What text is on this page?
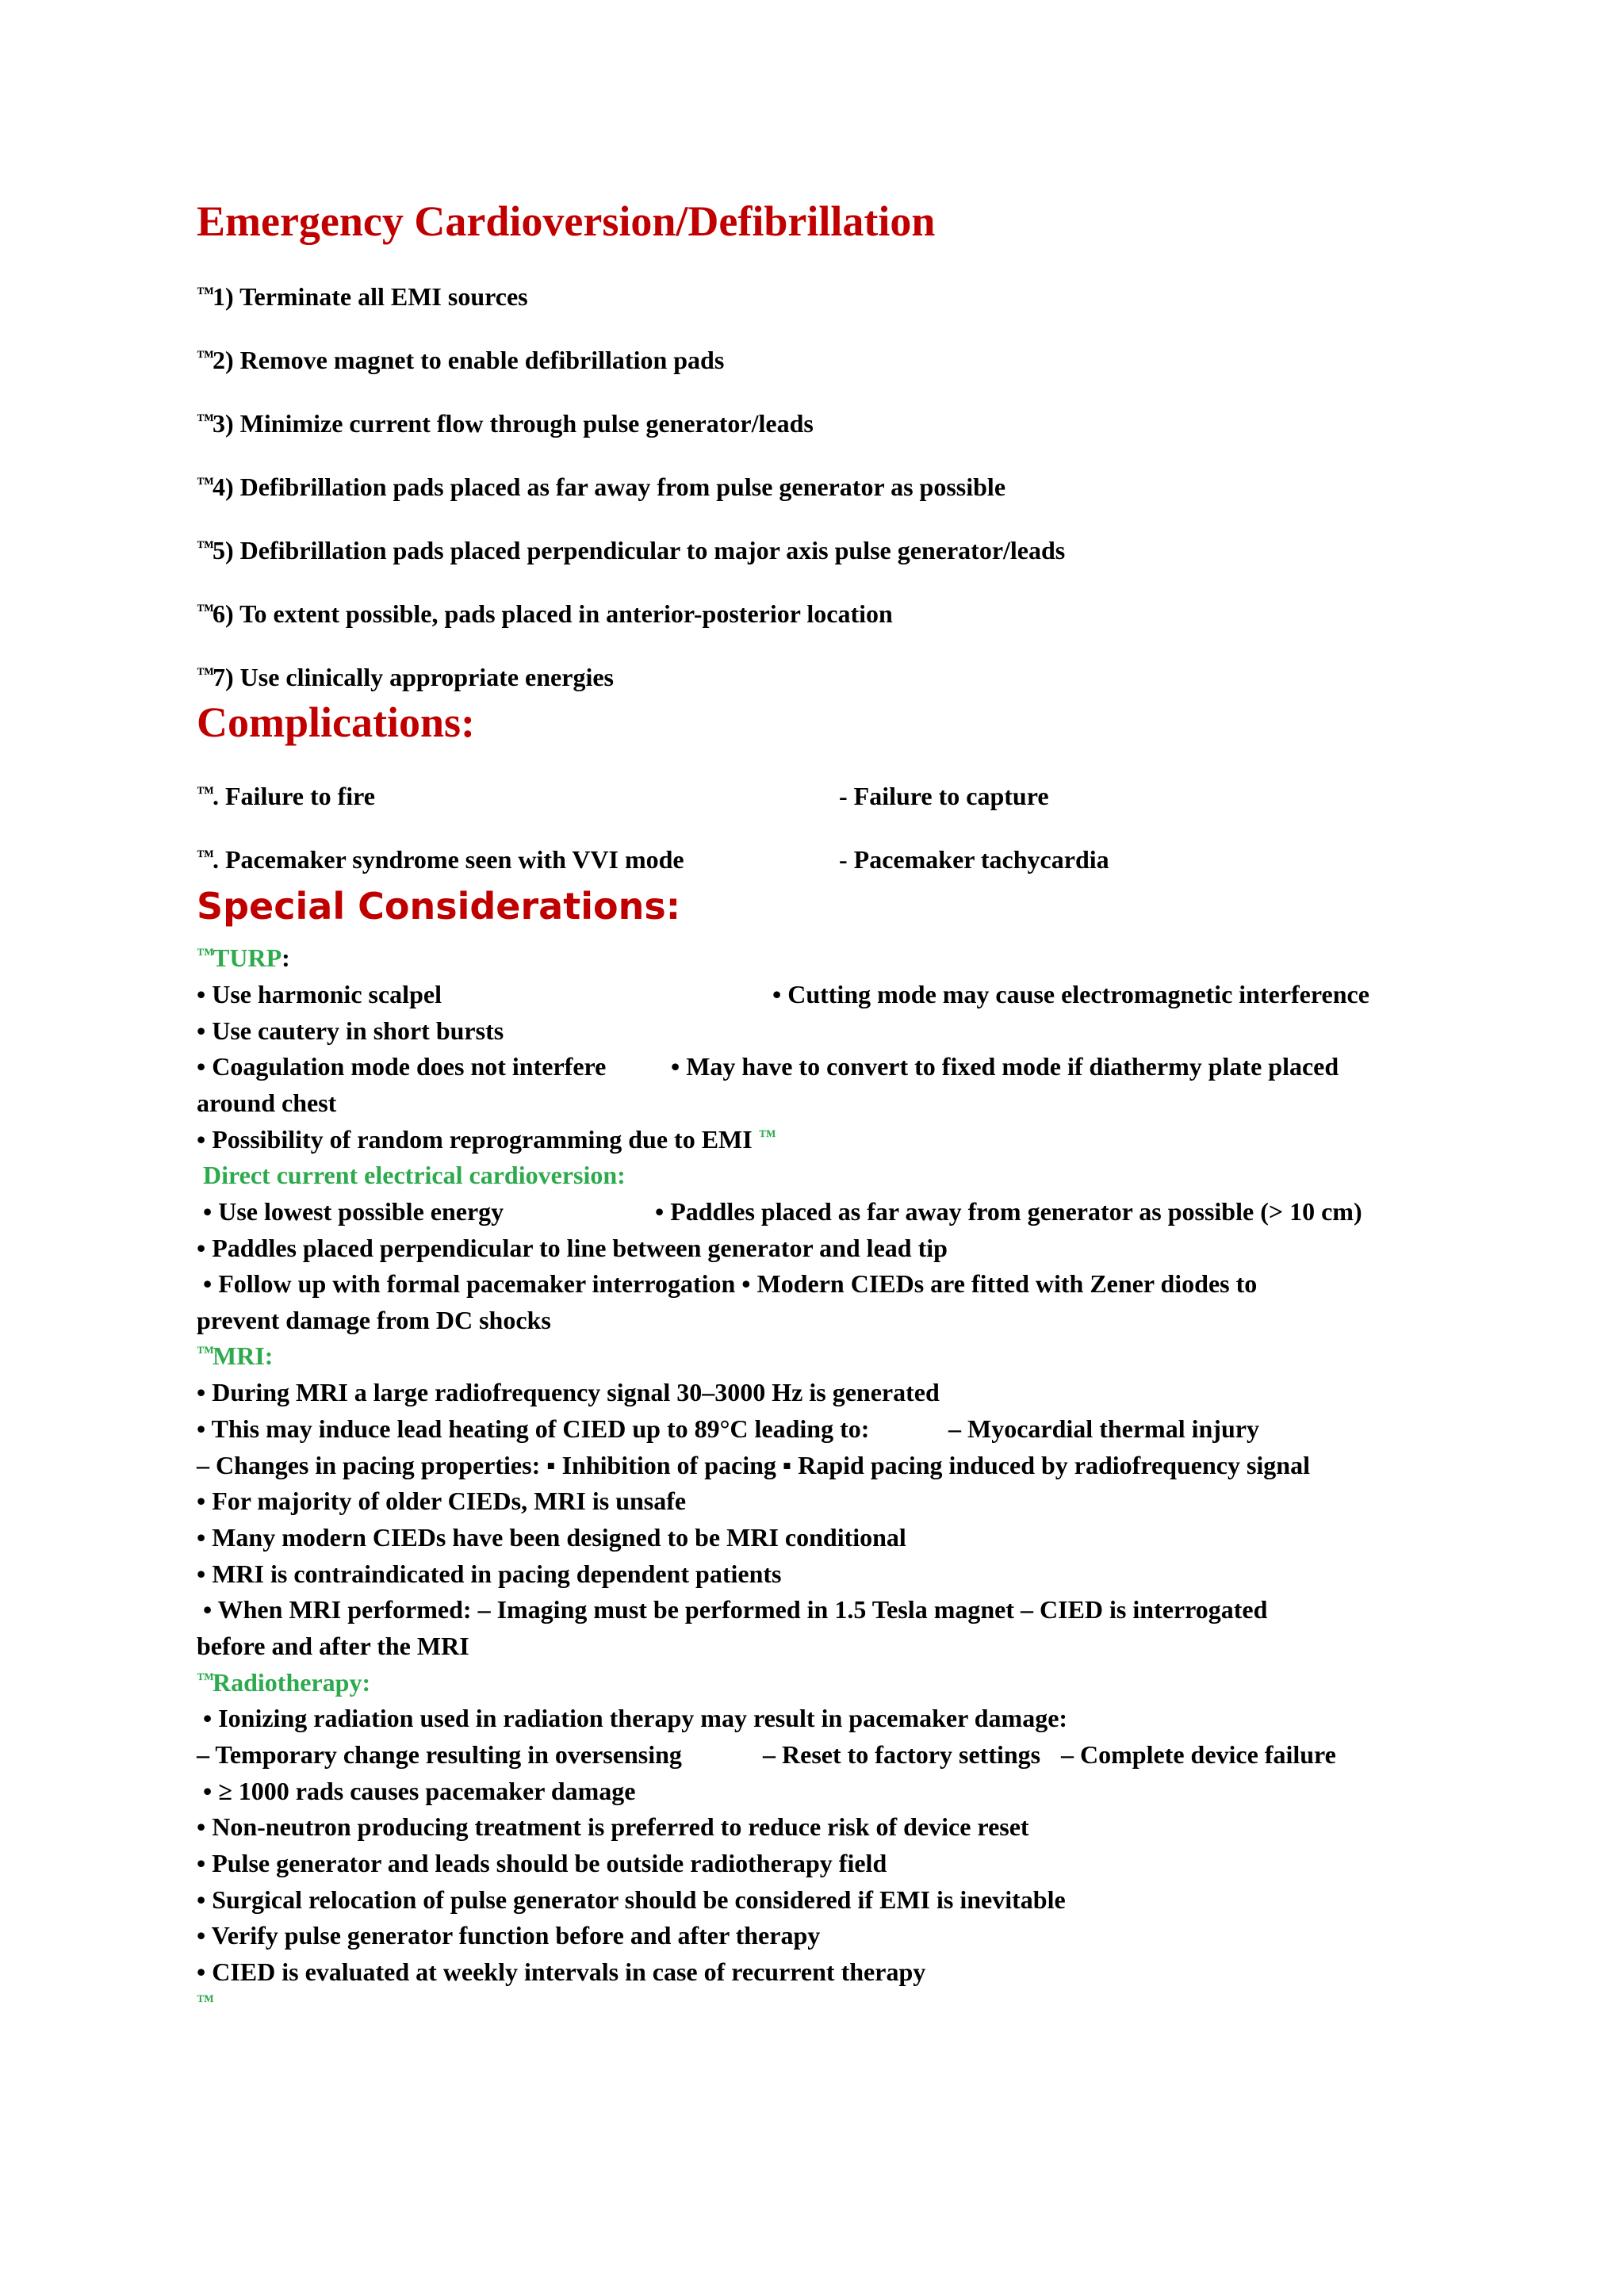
Emergency Cardioversion/Defibrillation
™1) Terminate all EMI sources
™2) Remove magnet to enable defibrillation pads
™3) Minimize current flow through pulse generator/leads
™4) Defibrillation pads placed as far away from pulse generator as possible
™5) Defibrillation pads placed perpendicular to major axis pulse generator/leads
™6) To extent possible, pads placed in anterior-posterior location
™7) Use clinically appropriate energies
Complications:
™. Failure to fire	- Failure to capture
™. Pacemaker syndrome seen with VVI mode	- Pacemaker tachycardia
Special Considerations:
™TURP:
• Use harmonic scalpel	• Cutting mode may cause electromagnetic interference
• Use cautery in short bursts
• Coagulation mode does not interfere	• May have to convert to fixed mode if diathermy plate placed
around chest
• Possibility of random reprogramming due to EMI ™
Direct current electrical cardioversion:
• Use lowest possible energy	• Paddles placed as far away from generator as possible (> 10 cm)
• Paddles placed perpendicular to line between generator and lead tip
• Follow up with formal pacemaker interrogation • Modern CIEDs are fitted with Zener diodes to
prevent damage from DC shocks
™MRI:
• During MRI a large radiofrequency signal 30–3000 Hz is generated
• This may induce lead heating of CIED up to 89°C leading to:	– Myocardial thermal injury
– Changes in pacing properties: ▪ Inhibition of pacing ▪ Rapid pacing induced by radiofrequency signal
• For majority of older CIEDs, MRI is unsafe
• Many modern CIEDs have been designed to be MRI conditional
• MRI is contraindicated in pacing dependent patients
• When MRI performed: – Imaging must be performed in 1.5 Tesla magnet – CIED is interrogated
before and after the MRI
™Radiotherapy:
• Ionizing radiation used in radiation therapy may result in pacemaker damage:
– Temporary change resulting in oversensing	– Reset to factory settings – Complete device failure
• ≥ 1000 rads causes pacemaker damage
• Non-neutron producing treatment is preferred to reduce risk of device reset
• Pulse generator and leads should be outside radiotherapy field
• Surgical relocation of pulse generator should be considered if EMI is inevitable
• Verify pulse generator function before and after therapy
• CIED is evaluated at weekly intervals in case of recurrent therapy
™
